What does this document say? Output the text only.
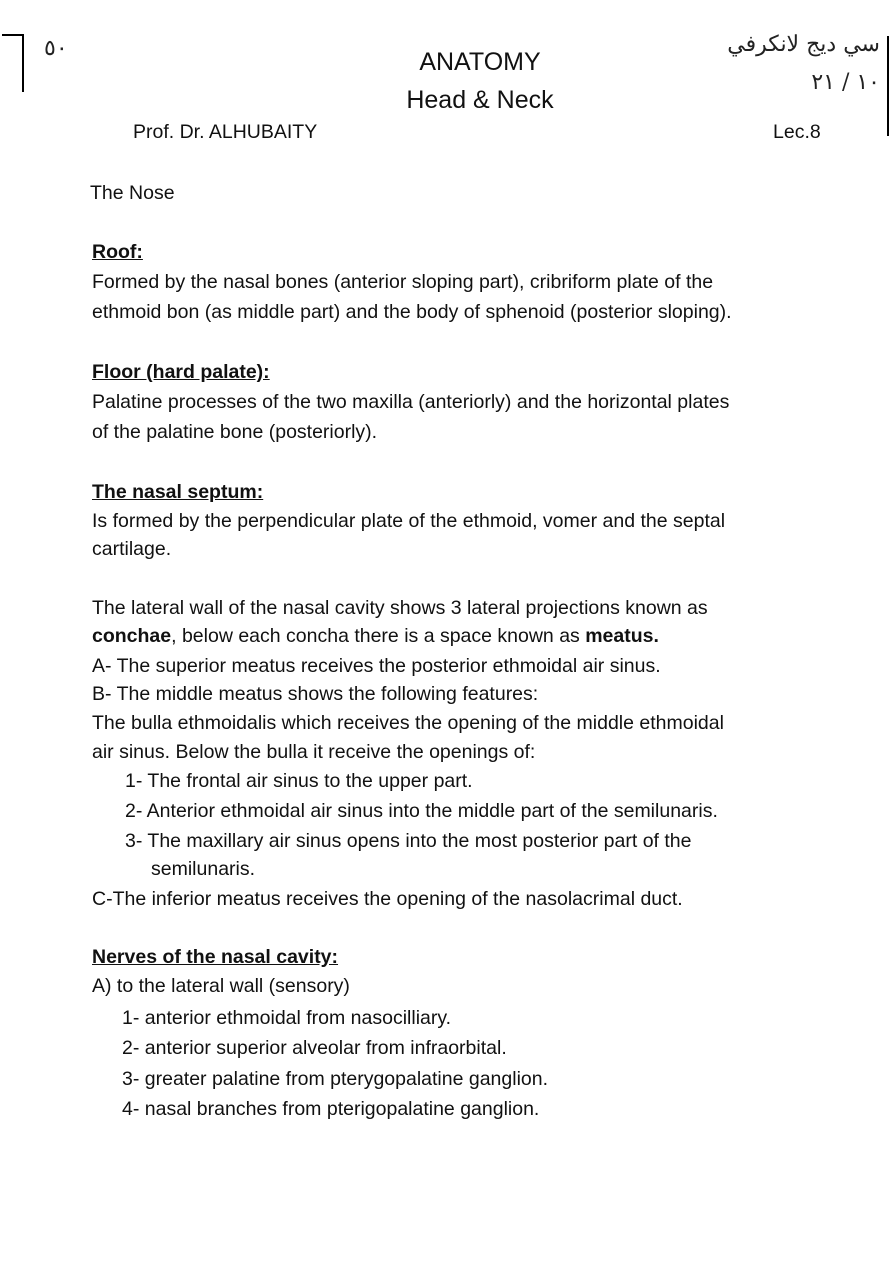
٥٠	سي ديج لانكرفي
١٠ / ٢١
ANATOMY
Head & Neck
Prof. Dr. ALHUBAITY	Lec.8
The Nose
Roof:
Formed by the nasal bones (anterior sloping part), cribriform plate of the
ethmoid bon (as middle part) and the body of sphenoid (posterior sloping).
Floor (hard palate):
Palatine processes of the two maxilla (anteriorly) and the horizontal plates
of the palatine bone (posteriorly).
The nasal septum:
Is formed by the perpendicular plate of the ethmoid, vomer and the septal
cartilage.
The lateral wall of the nasal cavity shows 3 lateral projections known as
conchae, below each concha there is a space known as meatus.
A- The superior meatus receives the posterior ethmoidal air sinus.
B- The middle meatus shows the following features:
The bulla ethmoidalis which receives the opening of the middle ethmoidal
air sinus. Below the bulla it receive the openings of:
1- The frontal air sinus to the upper part.
2- Anterior ethmoidal air sinus into the middle part of the semilunaris.
3- The maxillary air sinus opens into the most posterior part of the
semilunaris.
C-The inferior meatus receives the opening of the nasolacrimal duct.
Nerves of the nasal cavity:
A) to the lateral wall (sensory)
1- anterior ethmoidal from nasocilliary.
2- anterior superior alveolar from infraorbital.
3- greater palatine from pterygopalatine ganglion.
4- nasal branches from pterigopalatine ganglion.
